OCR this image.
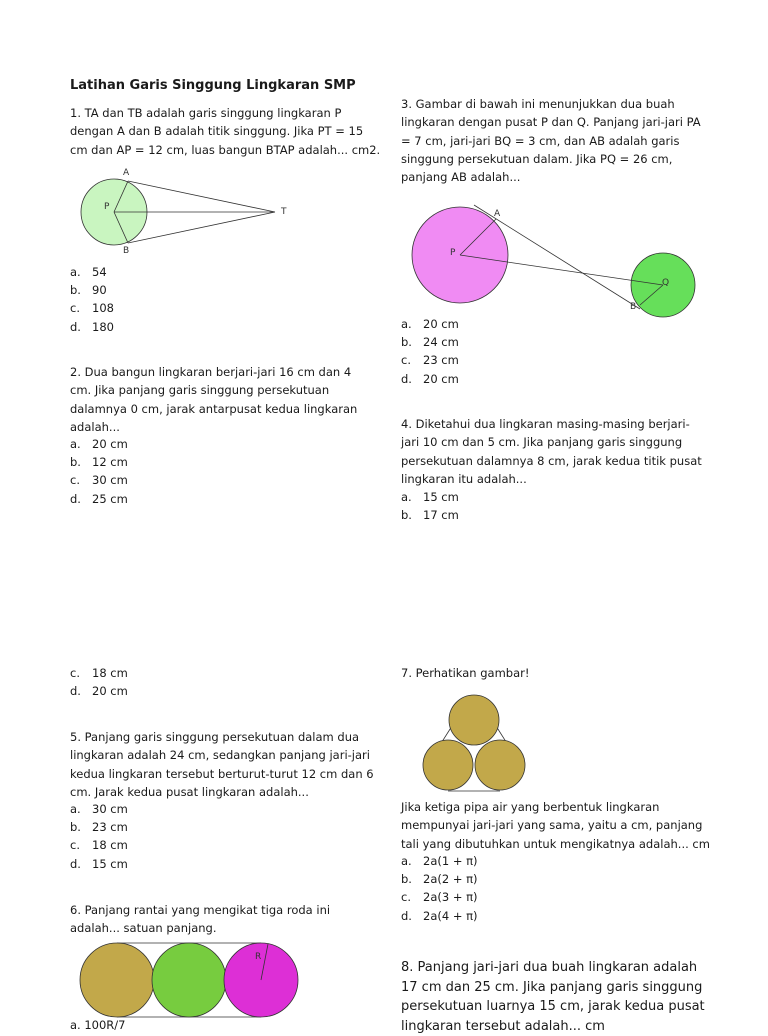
Latihan Garis Singgung Lingkaran SMP
1. TA dan TB adalah garis singgung lingkaran P
dengan A dan B adalah titik singgung. Jika PT = 15
cm dan AP = 12 cm, luas bangun BTAP adalah... cm2.
A
B
P	T
a. 54
b. 90
c. 108
d. 180
2. Dua bangun lingkaran berjari-jari 16 cm dan 4
cm. Jika panjang garis singgung persekutuan
dalamnya 0 cm, jarak antarpusat kedua lingkaran
adalah...
a. 20 cm
b. 12 cm
c. 30 cm
d. 25 cm
3. Gambar di bawah ini menunjukkan dua buah
lingkaran dengan pusat P dan Q. Panjang jari-jari PA
= 7 cm, jari-jari BQ = 3 cm, dan AB adalah garis
singgung persekutuan dalam. Jika PQ = 26 cm,
panjang AB adalah...
A
B
P
Q
a. 20 cm
b. 24 cm
c. 23 cm
d. 20 cm
4. Diketahui dua lingkaran masing-masing berjari-
jari 10 cm dan 5 cm. Jika panjang garis singgung
persekutuan dalamnya 8 cm, jarak kedua titik pusat
lingkaran itu adalah...
a. 15 cm
b. 17 cm
c. 18 cm
d. 20 cm
5. Panjang garis singgung persekutuan dalam dua
lingkaran adalah 24 cm, sedangkan panjang jari-jari
kedua lingkaran tersebut berturut-turut 12 cm dan 6
cm. Jarak kedua pusat lingkaran adalah...
a. 30 cm
b. 23 cm
c. 18 cm
d. 15 cm
6. Panjang rantai yang mengikat tiga roda ini
adalah... satuan panjang.
R
a. 100R/7
7. Perhatikan gambar!
Jika ketiga pipa air yang berbentuk lingkaran
mempunyai jari-jari yang sama, yaitu a cm, panjang
tali yang dibutuhkan untuk mengikatnya adalah... cm
a. 2a(1 + π)
b. 2a(2 + π)
c. 2a(3 + π)
d. 2a(4 + π)
8. Panjang jari-jari dua buah lingkaran adalah
17 cm dan 25 cm. Jika panjang garis singgung
persekutuan luarnya 15 cm, jarak kedua pusat
lingkaran tersebut adalah... cm
